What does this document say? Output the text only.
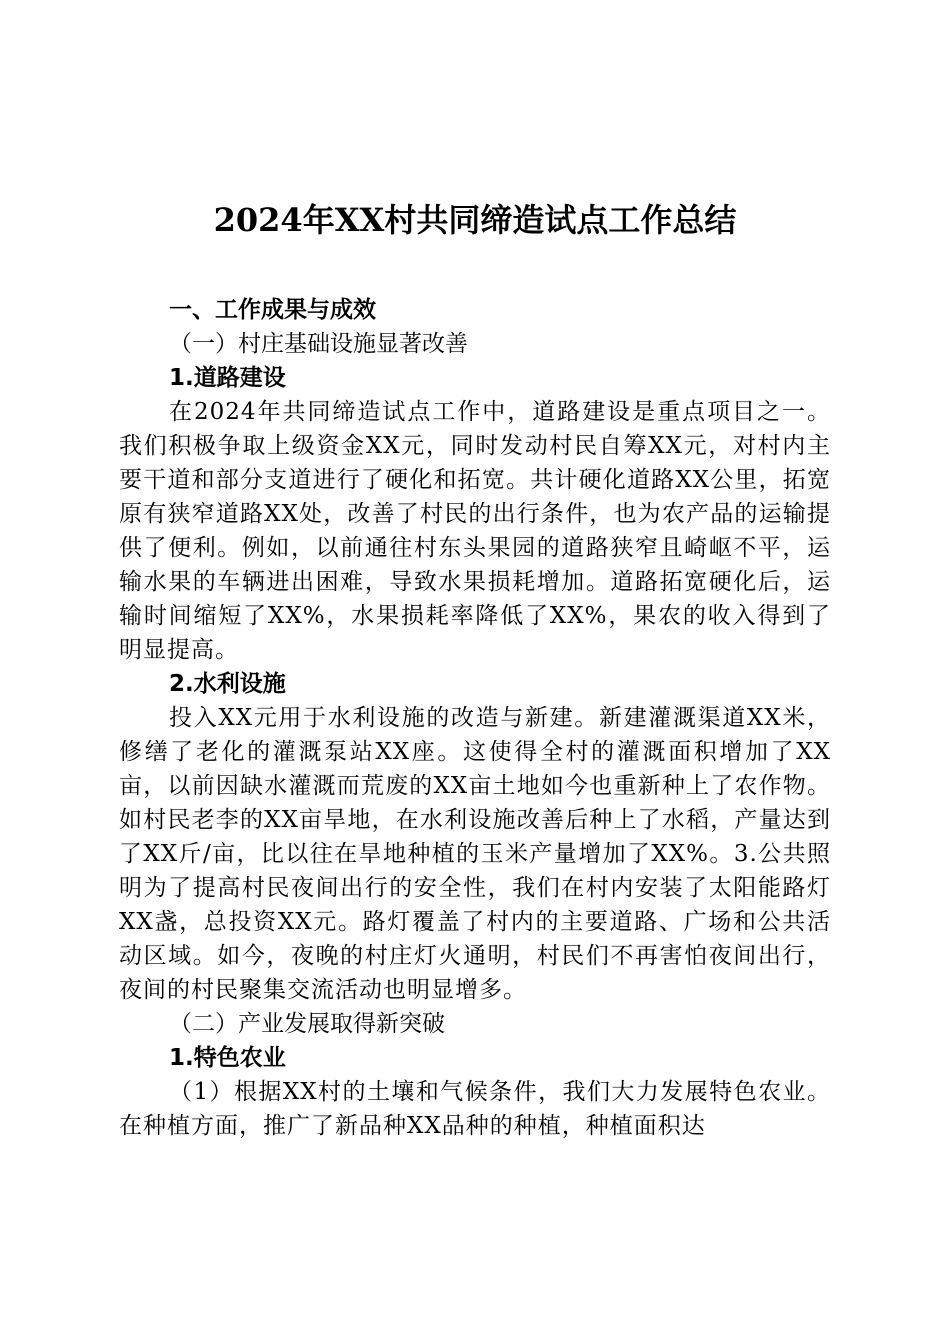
2024年XX村共同缔造试点工作总结

一、工作成果与成效

（一）村庄基础设施显著改善

1.道路建设

在2024年共同缔造试点工作中，道路建设是重点项目之一。我们积极争取上级资金XX元，同时发动村民自筹XX元，对村内主要干道和部分支道进行了硬化和拓宽。共计硬化道路XX公里，拓宽原有狭窄道路XX处，改善了村民的出行条件，也为农产品的运输提供了便利。例如，以前通往村东头果园的道路狭窄且崎岖不平，运输水果的车辆进出困难，导致水果损耗增加。道路拓宽硬化后，运输时间缩短了XX%，水果损耗率降低了XX%，果农的收入得到了明显提高。

2.水利设施

投入XX元用于水利设施的改造与新建。新建灌溉渠道XX米，修缮了老化的灌溉泵站XX座。这使得全村的灌溉面积增加了XX亩，以前因缺水灌溉而荒废的XX亩土地如今也重新种上了农作物。如村民老李的XX亩旱地，在水利设施改善后种上了水稻，产量达到了XX斤/亩，比以往在旱地种植的玉米产量增加了XX%。3.公共照明为了提高村民夜间出行的安全性，我们在村内安装了太阳能路灯XX盏，总投资XX元。路灯覆盖了村内的主要道路、广场和公共活动区域。如今，夜晚的村庄灯火通明，村民们不再害怕夜间出行，夜间的村民聚集交流活动也明显增多。

（二）产业发展取得新突破

1.特色农业

（1）根据XX村的土壤和气候条件，我们大力发展特色农业。在种植方面，推广了新品种XX品种的种植，种植面积达
